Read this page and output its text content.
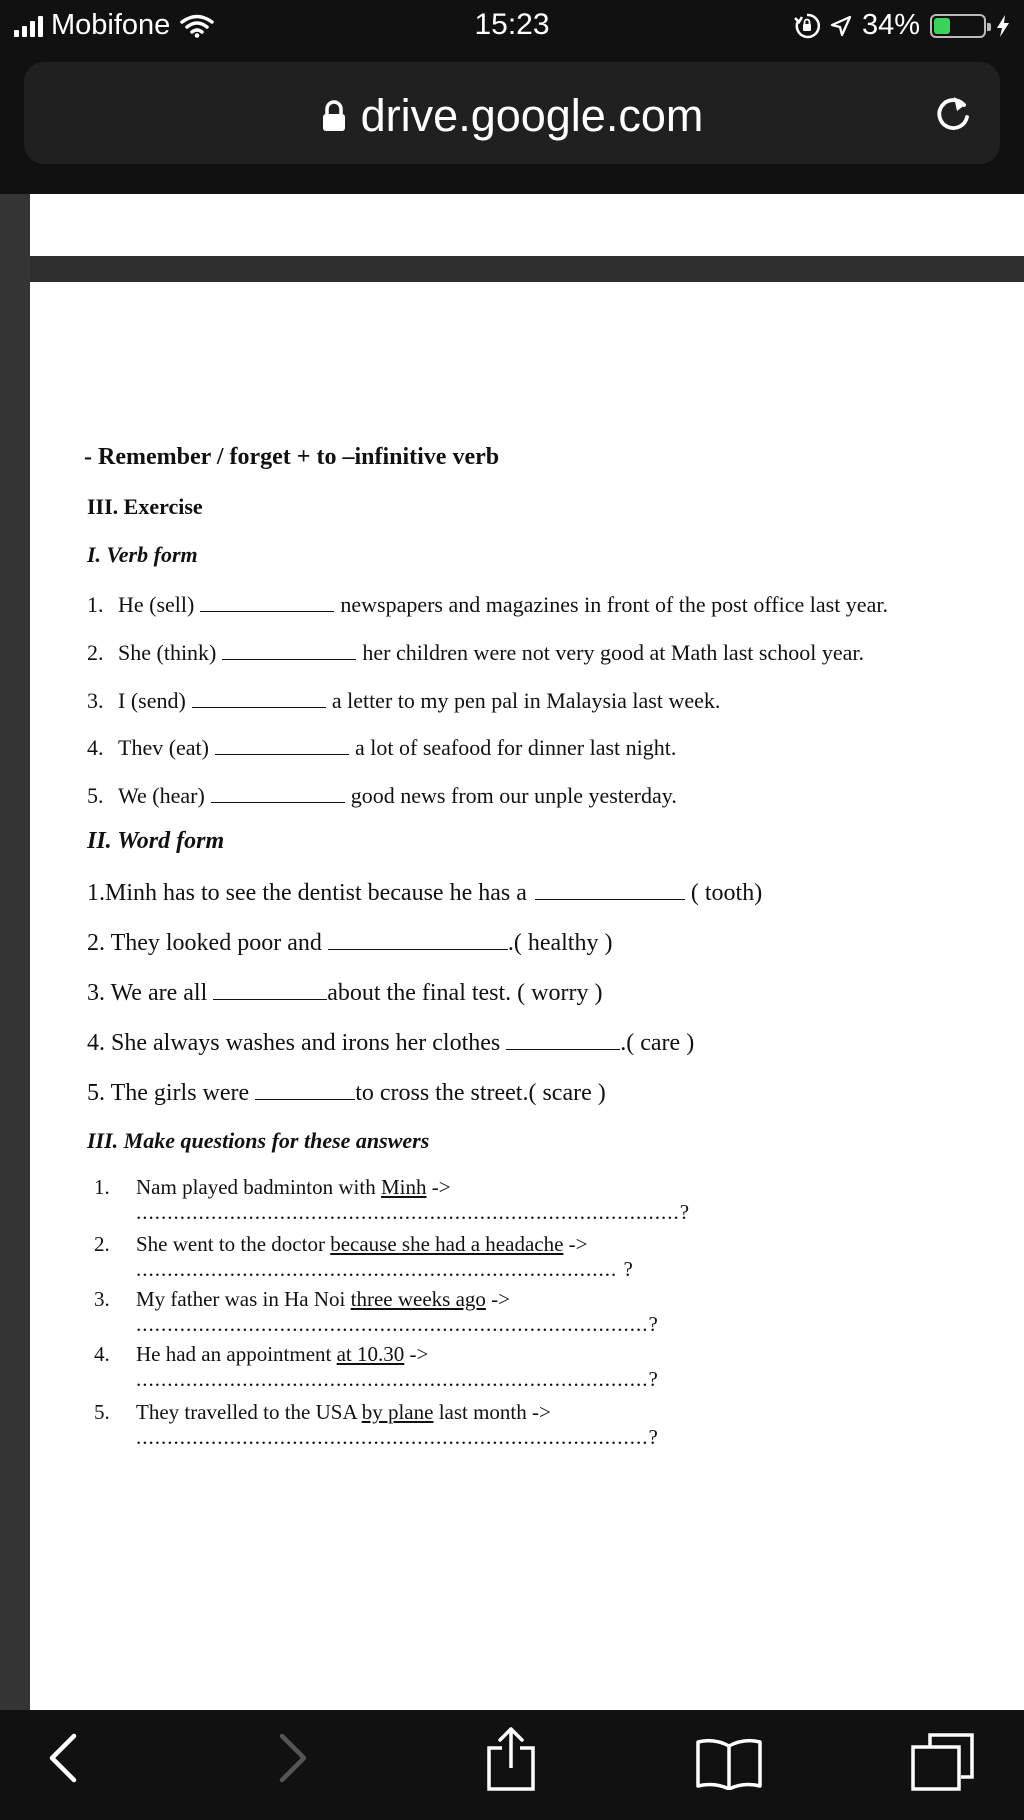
Mobifone	15:23	34%
drive.google.com
- Remember / forget + to –infinitive verb
III. Exercise
I. Verb form
1. He (sell)	newspapers and magazines in front of the post office last year.
2. She (think)	her children were not very good at Math last school year.
3. I (send)	a letter to my pen pal in Malaysia last week.
4. Thev (eat)	a lot of seafood for dinner last night.
5. We (hear)	good news from our unple yesterday.
II. Word form
1.Minh has to see the dentist because he has a	( tooth)
2. They looked poor and	.( healthy )
3. We are all	about the final test. ( worry )
4. She always washes and irons her clothes	.( care )
5. The girls were	to cross the street.( scare )
III. Make questions for these answers
1. Nam played badminton with Minh ->
.......................................................................................?
2. She went to the doctor because she had a headache ->
............................................................................. ?
3. My father was in Ha Noi three weeks ago ->
..................................................................................?
4. He had an appointment at 10.30 ->
..................................................................................?
5. They travelled to the USA by plane last month ->
..................................................................................?
